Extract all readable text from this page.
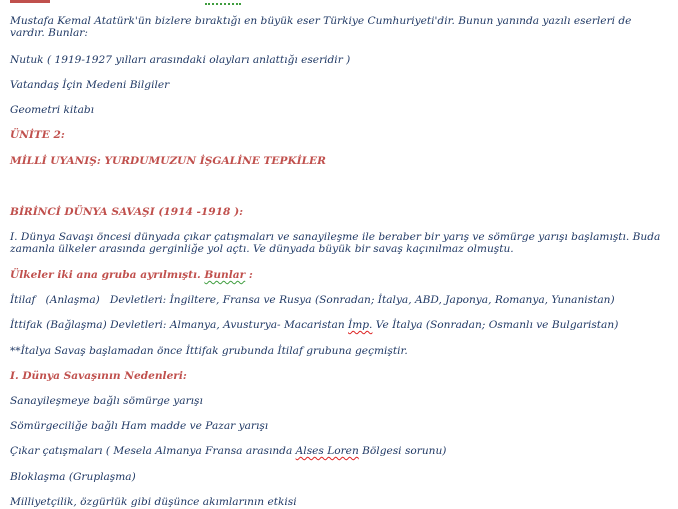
Mustafa Kemal Atatürk'ün bizlere bıraktığı en büyük eser Türkiye Cumhuriyeti'dir. Bunun yanında yazılı eserleri de vardır. Bunlar:
Nutuk ( 1919-1927 yılları arasındaki olayları anlattığı eseridir )
Vatandaş İçin Medeni Bilgiler
Geometri kitabı
ÜNİTE 2:
MİLLİ UYANIŞ: YURDUMUZUN İŞGALİNE TEPKİLER
BİRİNCİ DÜNYA SAVAŞI (1914 -1918 ):
I. Dünya Savaşı öncesi dünyada çıkar çatışmaları ve sanayileşme ile beraber bir yarış ve sömürge yarışı başlamıştı. Buda zamanla ülkeler arasında gerginliğe yol açtı. Ve dünyada büyük bir savaş kaçınılmaz olmuştu.
Ülkeler iki ana gruba ayrılmıştı. Bunlar :
İtilaf   (Anlaşma)   Devletleri: İngiltere, Fransa ve Rusya (Sonradan; İtalya, ABD, Japonya, Romanya, Yunanistan)
İttifak (Bağlaşma) Devletleri: Almanya, Avusturya- Macaristan İmp. Ve İtalya (Sonradan; Osmanlı ve Bulgaristan)
**İtalya Savaş başlamadan önce İttifak grubunda İtilaf grubuna geçmiştir.
I. Dünya Savaşının Nedenleri:
Sanayileşmeye bağlı sömürge yarışı
Sömürgeciliğe bağlı Ham madde ve Pazar yarışı
Çıkar çatışmaları ( Mesela Almanya Fransa arasında Alses Loren Bölgesi sorunu)
Bloklaşma (Gruplaşma)
Milliyetçilik, özgürlük gibi düşünce akımlarının etkisi
